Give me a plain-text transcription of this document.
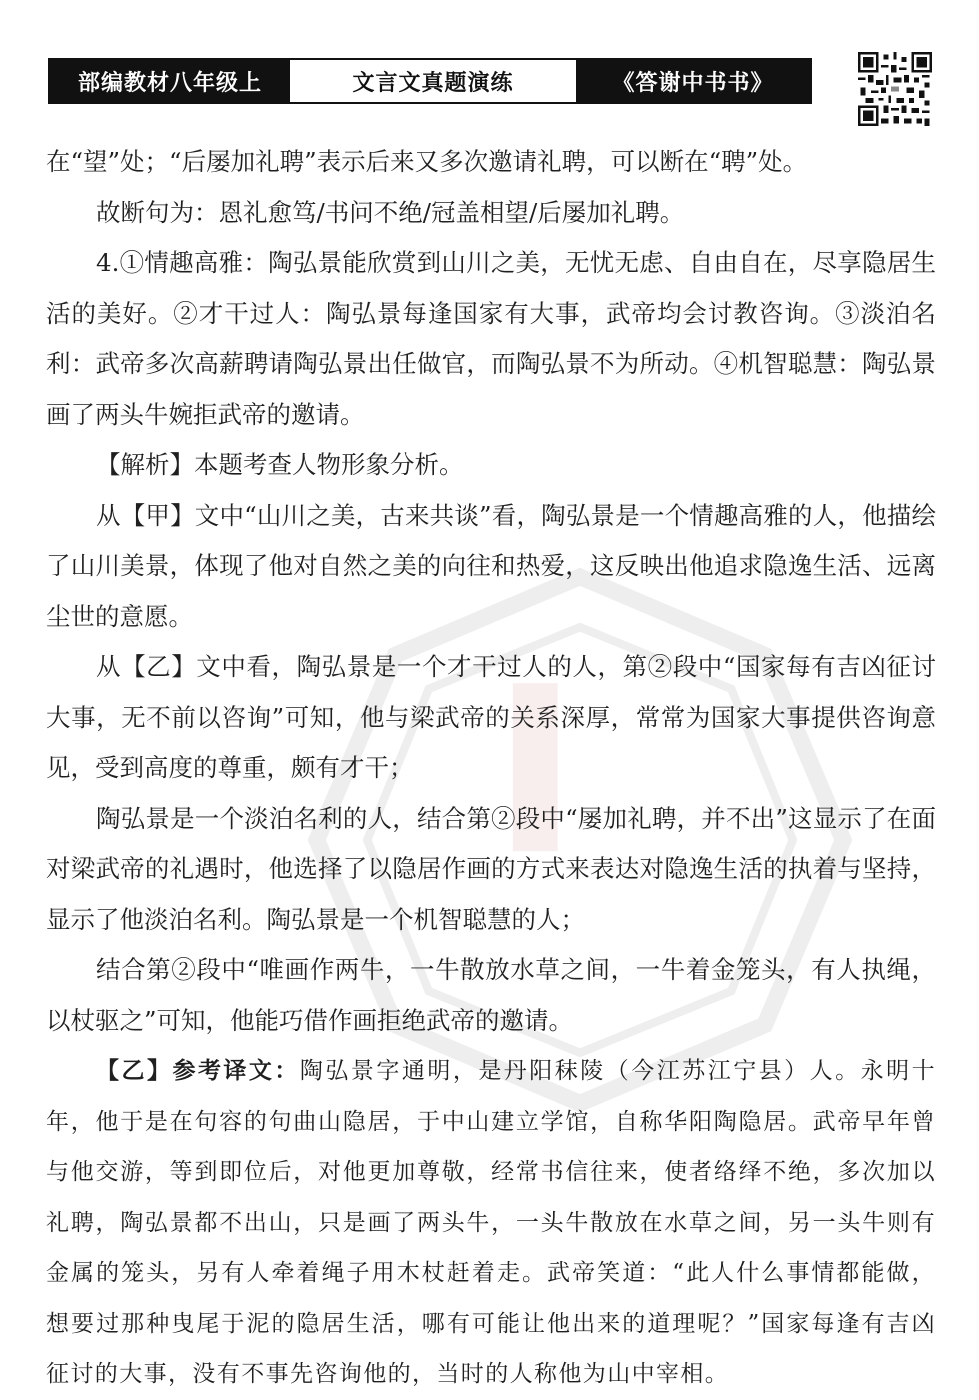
部编教材八年级上	文言文真题演练	《答谢中书书》

在“望”处；“后屡加礼聘”表示后来又多次邀请礼聘，可以断在“聘”处。

故断句为：恩礼愈笃/书问不绝/冠盖相望/后屡加礼聘。

4.①情趣高雅：陶弘景能欣赏到山川之美，无忧无虑、自由自在，尽享隐居生活的美好。②才干过人：陶弘景每逢国家有大事，武帝均会讨教咨询。③淡泊名利：武帝多次高薪聘请陶弘景出任做官，而陶弘景不为所动。④机智聪慧：陶弘景画了两头牛婉拒武帝的邀请。

【解析】本题考查人物形象分析。

从【甲】文中“山川之美，古来共谈”看，陶弘景是一个情趣高雅的人，他描绘了山川美景，体现了他对自然之美的向往和热爱，这反映出他追求隐逸生活、远离尘世的意愿。

从【乙】文中看，陶弘景是一个才干过人的人，第②段中“国家每有吉凶征讨大事，无不前以咨询”可知，他与梁武帝的关系深厚，常常为国家大事提供咨询意见，受到高度的尊重，颇有才干；

陶弘景是一个淡泊名利的人，结合第②段中“屡加礼聘，并不出”这显示了在面对梁武帝的礼遇时，他选择了以隐居作画的方式来表达对隐逸生活的执着与坚持，显示了他淡泊名利。陶弘景是一个机智聪慧的人；

结合第②段中“唯画作两牛，一牛散放水草之间，一牛着金笼头，有人执绳，以杖驱之”可知，他能巧借作画拒绝武帝的邀请。

【乙】参考译文：陶弘景字通明，是丹阳秣陵（今江苏江宁县）人。永明十年，他于是在句容的句曲山隐居，于中山建立学馆，自称华阳陶隐居。武帝早年曾与他交游，等到即位后，对他更加尊敬，经常书信往来，使者络绎不绝，多次加以礼聘，陶弘景都不出山，只是画了两头牛，一头牛散放在水草之间，另一头牛则有金属的笼头，另有人牵着绳子用木杖赶着走。武帝笑道：“此人什么事情都能做，想要过那种曳尾于泥的隐居生活，哪有可能让他出来的道理呢？”国家每逢有吉凶征讨的大事，没有不事先咨询他的，当时的人称他为山中宰相。
